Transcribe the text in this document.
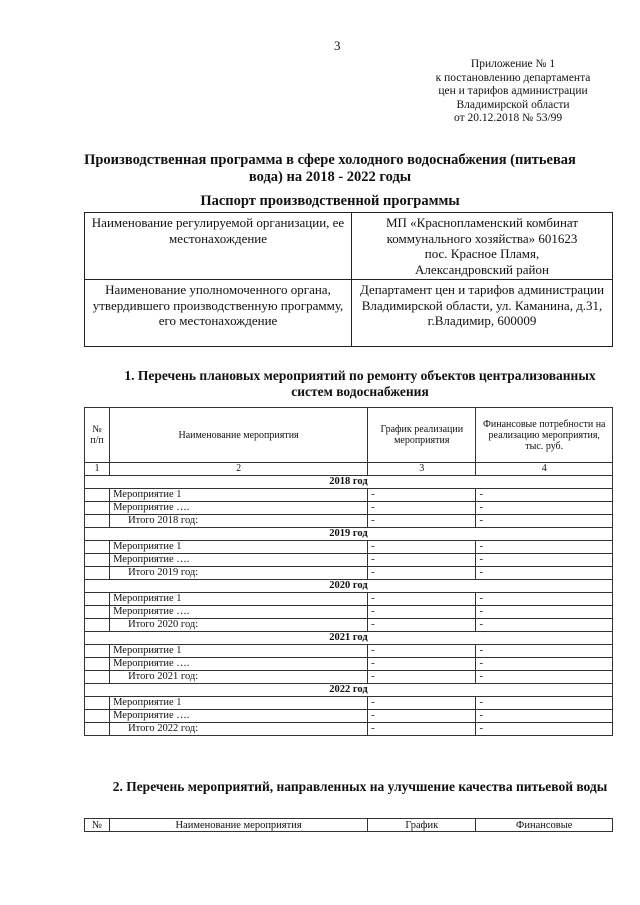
3
Приложение № 1
к постановлению департамента
цен и тарифов администрации
Владимирской области
от 20.12.2018 № 53/99
Производственная программа в сфере холодного водоснабжения (питьевая вода) на 2018 - 2022 годы
Паспорт производственной программы
Наименование регулируемой организации, ее местонахождение	МП «Краснопламенский комбинат коммунального хозяйства» 601623
пос. Красное Пламя,
Александровский район

Наименование уполномоченного органа, утвердившего производственную программу, его местонахождение	Департамент цен и тарифов администрации Владимирской области, ул. Каманина, д.31, г.Владимир, 600009
1. Перечень плановых мероприятий по ремонту объектов централизованных систем водоснабжения
№ п/п	Наименование мероприятия	График реализации мероприятия	Финансовые потребности на реализацию мероприятия, тыс. руб.
1	2	3	4
2018 год			
	Мероприятие 1	-	-
	Мероприятие ….	-	-
	Итого 2018 год:	-	-
2019 год			
	Мероприятие 1	-	-
	Мероприятие ….	-	-
	Итого 2019 год:	-	-
2020 год			
	Мероприятие 1	-	-
	Мероприятие ….	-	-
	Итого 2020 год:	-	-
2021 год			
	Мероприятие 1	-	-
	Мероприятие ….	-	-
	Итого 2021 год:	-	-
2022 год			
	Мероприятие 1	-	-
	Мероприятие ….	-	-
	Итого 2022 год:	-	-
2. Перечень мероприятий, направленных на улучшение качества питьевой воды
№	Наименование мероприятия	График	Финансовые
